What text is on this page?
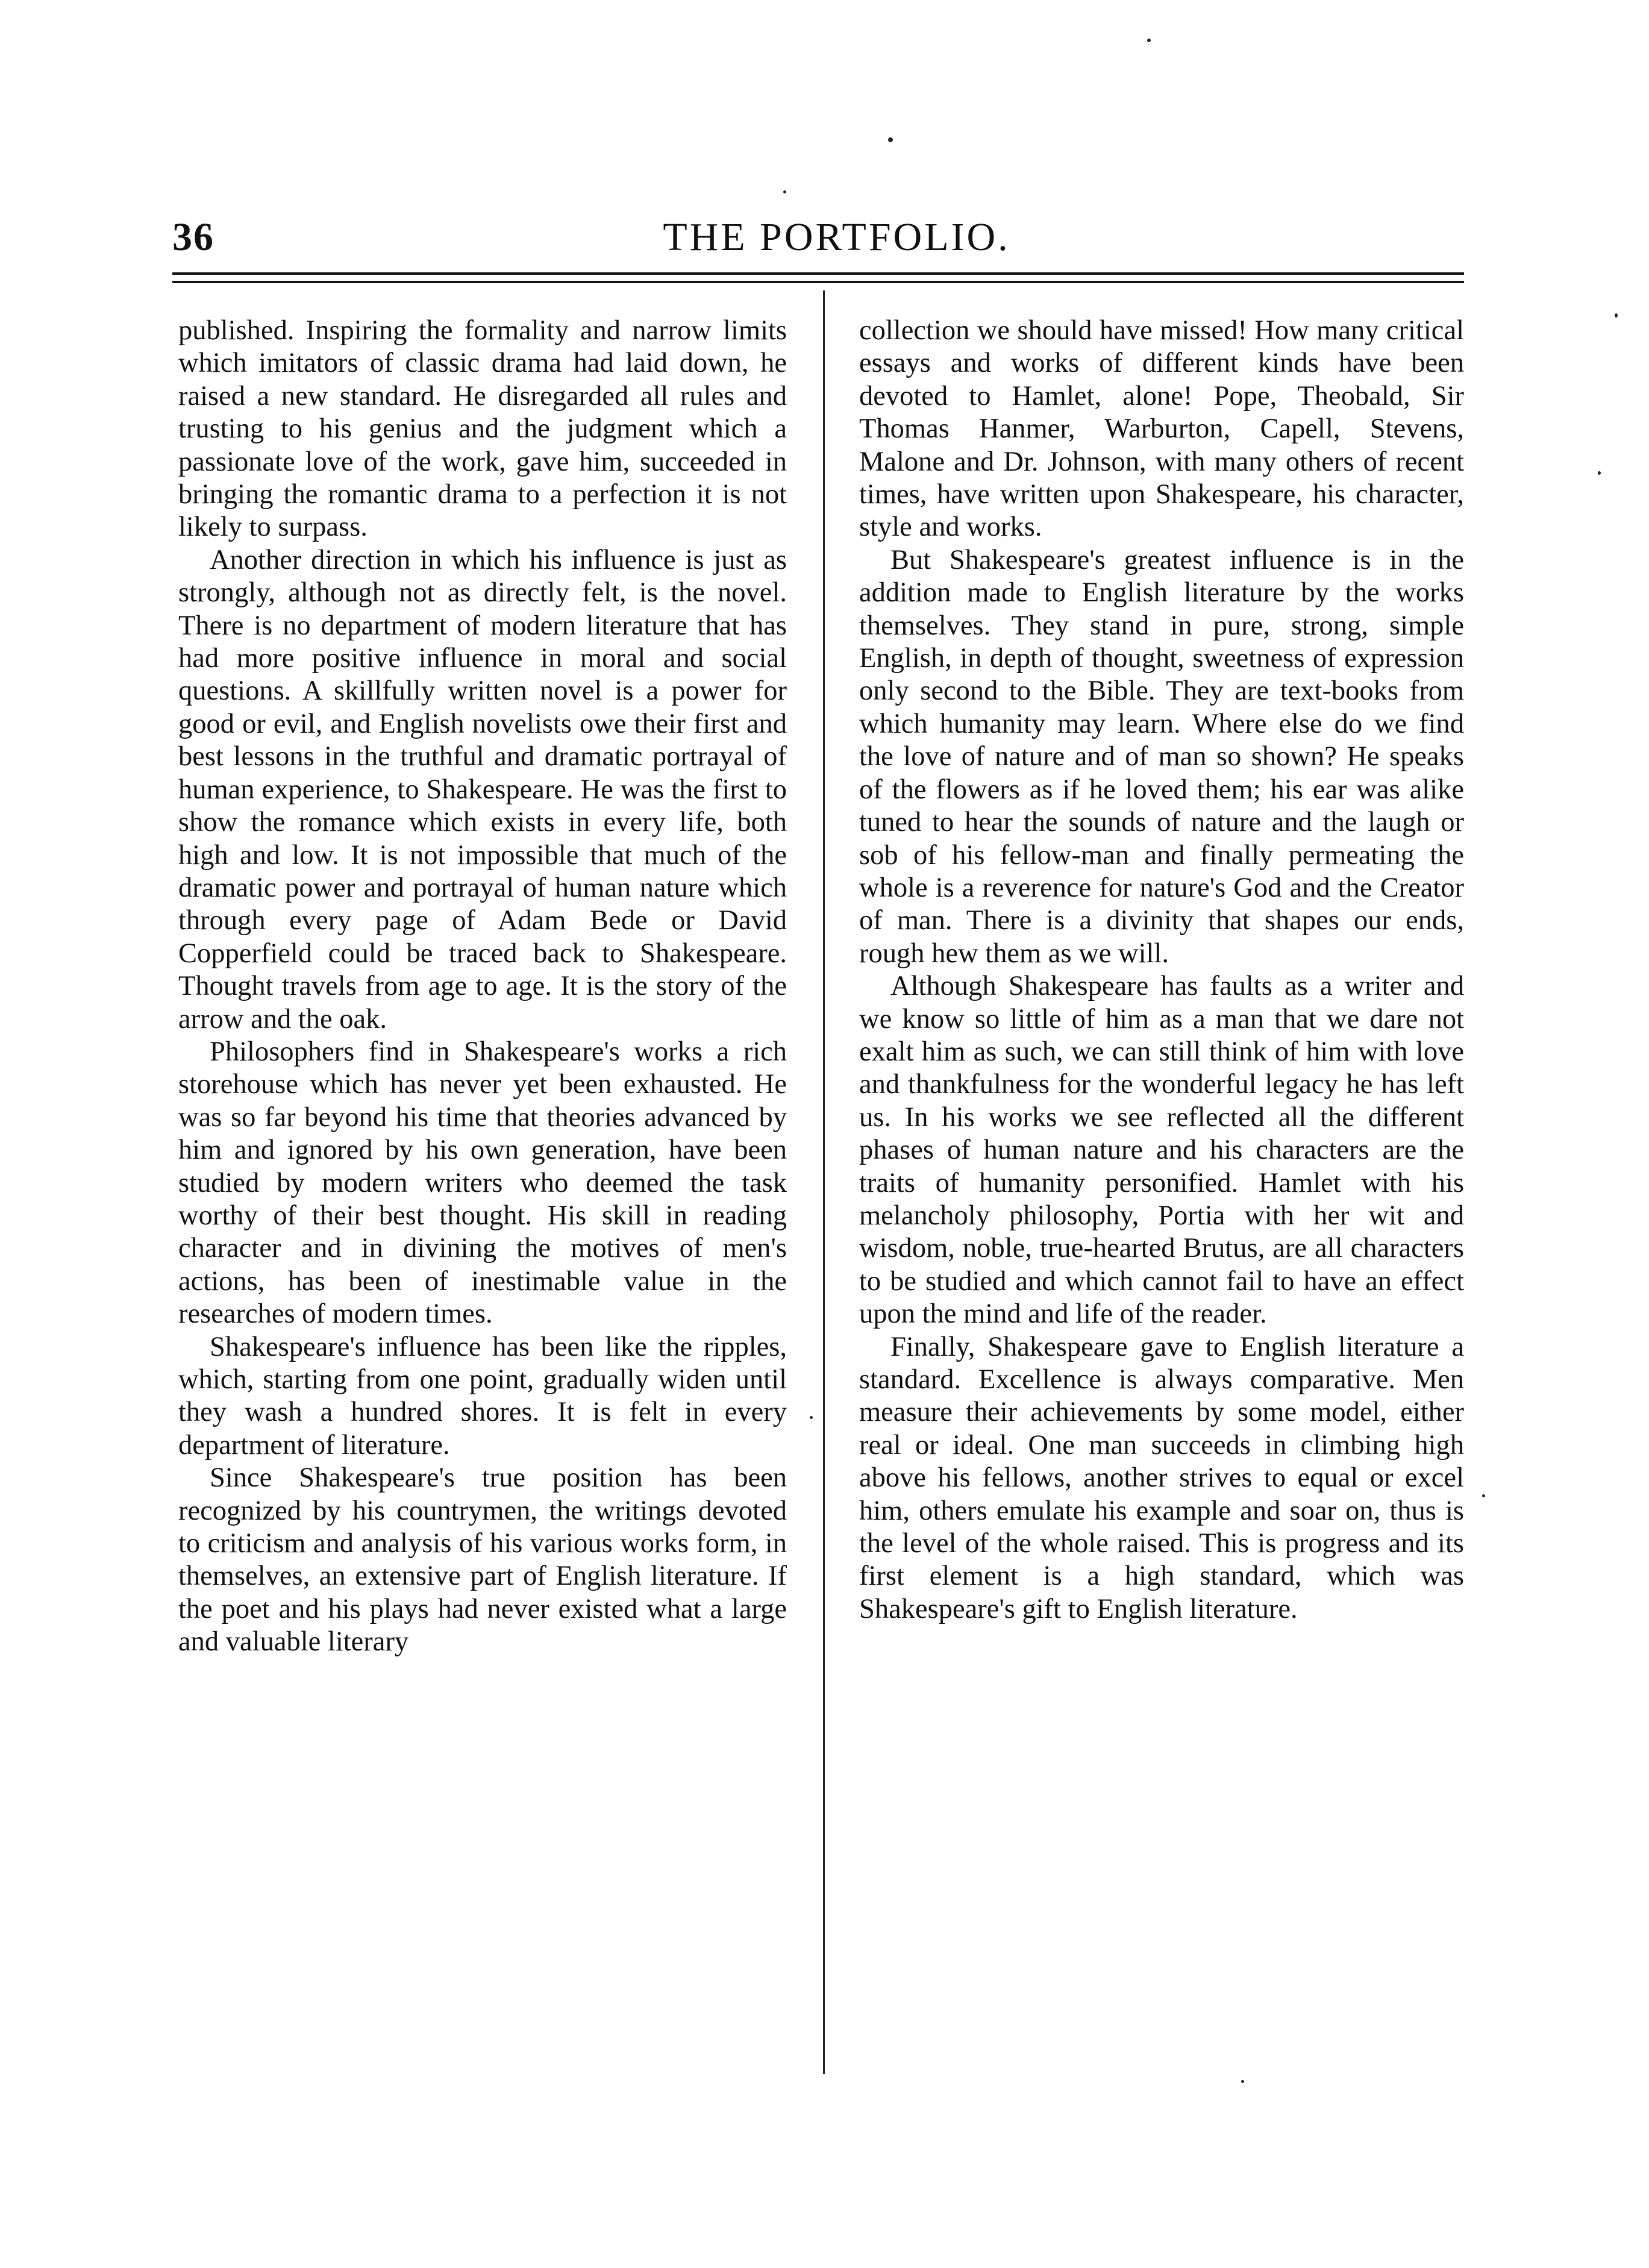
36	THE PORTFOLIO.

published. Inspiring the formality and narrow limits which imitators of classic drama had laid down, he raised a new standard. He disregarded all rules and trusting to his genius and the judgment which a passionate love of the work, gave him, succeeded in bringing the romantic drama to a perfection it is not likely to surpass.

Another direction in which his influence is just as strongly, although not as directly felt, is the novel. There is no department of modern literature that has had more positive influence in moral and social questions. A skillfully written novel is a power for good or evil, and English novelists owe their first and best lessons in the truthful and dramatic portrayal of human experience, to Shakespeare. He was the first to show the romance which exists in every life, both high and low. It is not impossible that much of the dramatic power and portrayal of human nature which through every page of Adam Bede or David Copperfield could be traced back to Shakespeare. Thought travels from age to age. It is the story of the arrow and the oak.

Philosophers find in Shakespeare's works a rich storehouse which has never yet been exhausted. He was so far beyond his time that theories advanced by him and ignored by his own generation, have been studied by modern writers who deemed the task worthy of their best thought. His skill in reading character and in divining the motives of men's actions, has been of inestimable value in the researches of modern times.

Shakespeare's influence has been like the ripples, which, starting from one point, gradually widen until they wash a hundred shores. It is felt in every department of literature.

Since Shakespeare's true position has been recognized by his countrymen, the writings devoted to criticism and analysis of his various works form, in themselves, an extensive part of English literature. If the poet and his plays had never existed what a large and valuable literary

collection we should have missed! How many critical essays and works of different kinds have been devoted to Hamlet, alone! Pope, Theobald, Sir Thomas Hanmer, Warburton, Capell, Stevens, Malone and Dr. Johnson, with many others of recent times, have written upon Shakespeare, his character, style and works.

But Shakespeare's greatest influence is in the addition made to English literature by the works themselves. They stand in pure, strong, simple English, in depth of thought, sweetness of expression only second to the Bible. They are text-books from which humanity may learn. Where else do we find the love of nature and of man so shown? He speaks of the flowers as if he loved them; his ear was alike tuned to hear the sounds of nature and the laugh or sob of his fellow-man and finally permeating the whole is a reverence for nature's God and the Creator of man. There is a divinity that shapes our ends, rough hew them as we will.

Although Shakespeare has faults as a writer and we know so little of him as a man that we dare not exalt him as such, we can still think of him with love and thankfulness for the wonderful legacy he has left us. In his works we see reflected all the different phases of human nature and his characters are the traits of humanity personified. Hamlet with his melancholy philosophy, Portia with her wit and wisdom, noble, true-hearted Brutus, are all characters to be studied and which cannot fail to have an effect upon the mind and life of the reader.

Finally, Shakespeare gave to English literature a standard. Excellence is always comparative. Men measure their achievements by some model, either real or ideal. One man succeeds in climbing high above his fellows, another strives to equal or excel him, others emulate his example and soar on, thus is the level of the whole raised. This is progress and its first element is a high standard, which was Shakespeare's gift to English literature.
